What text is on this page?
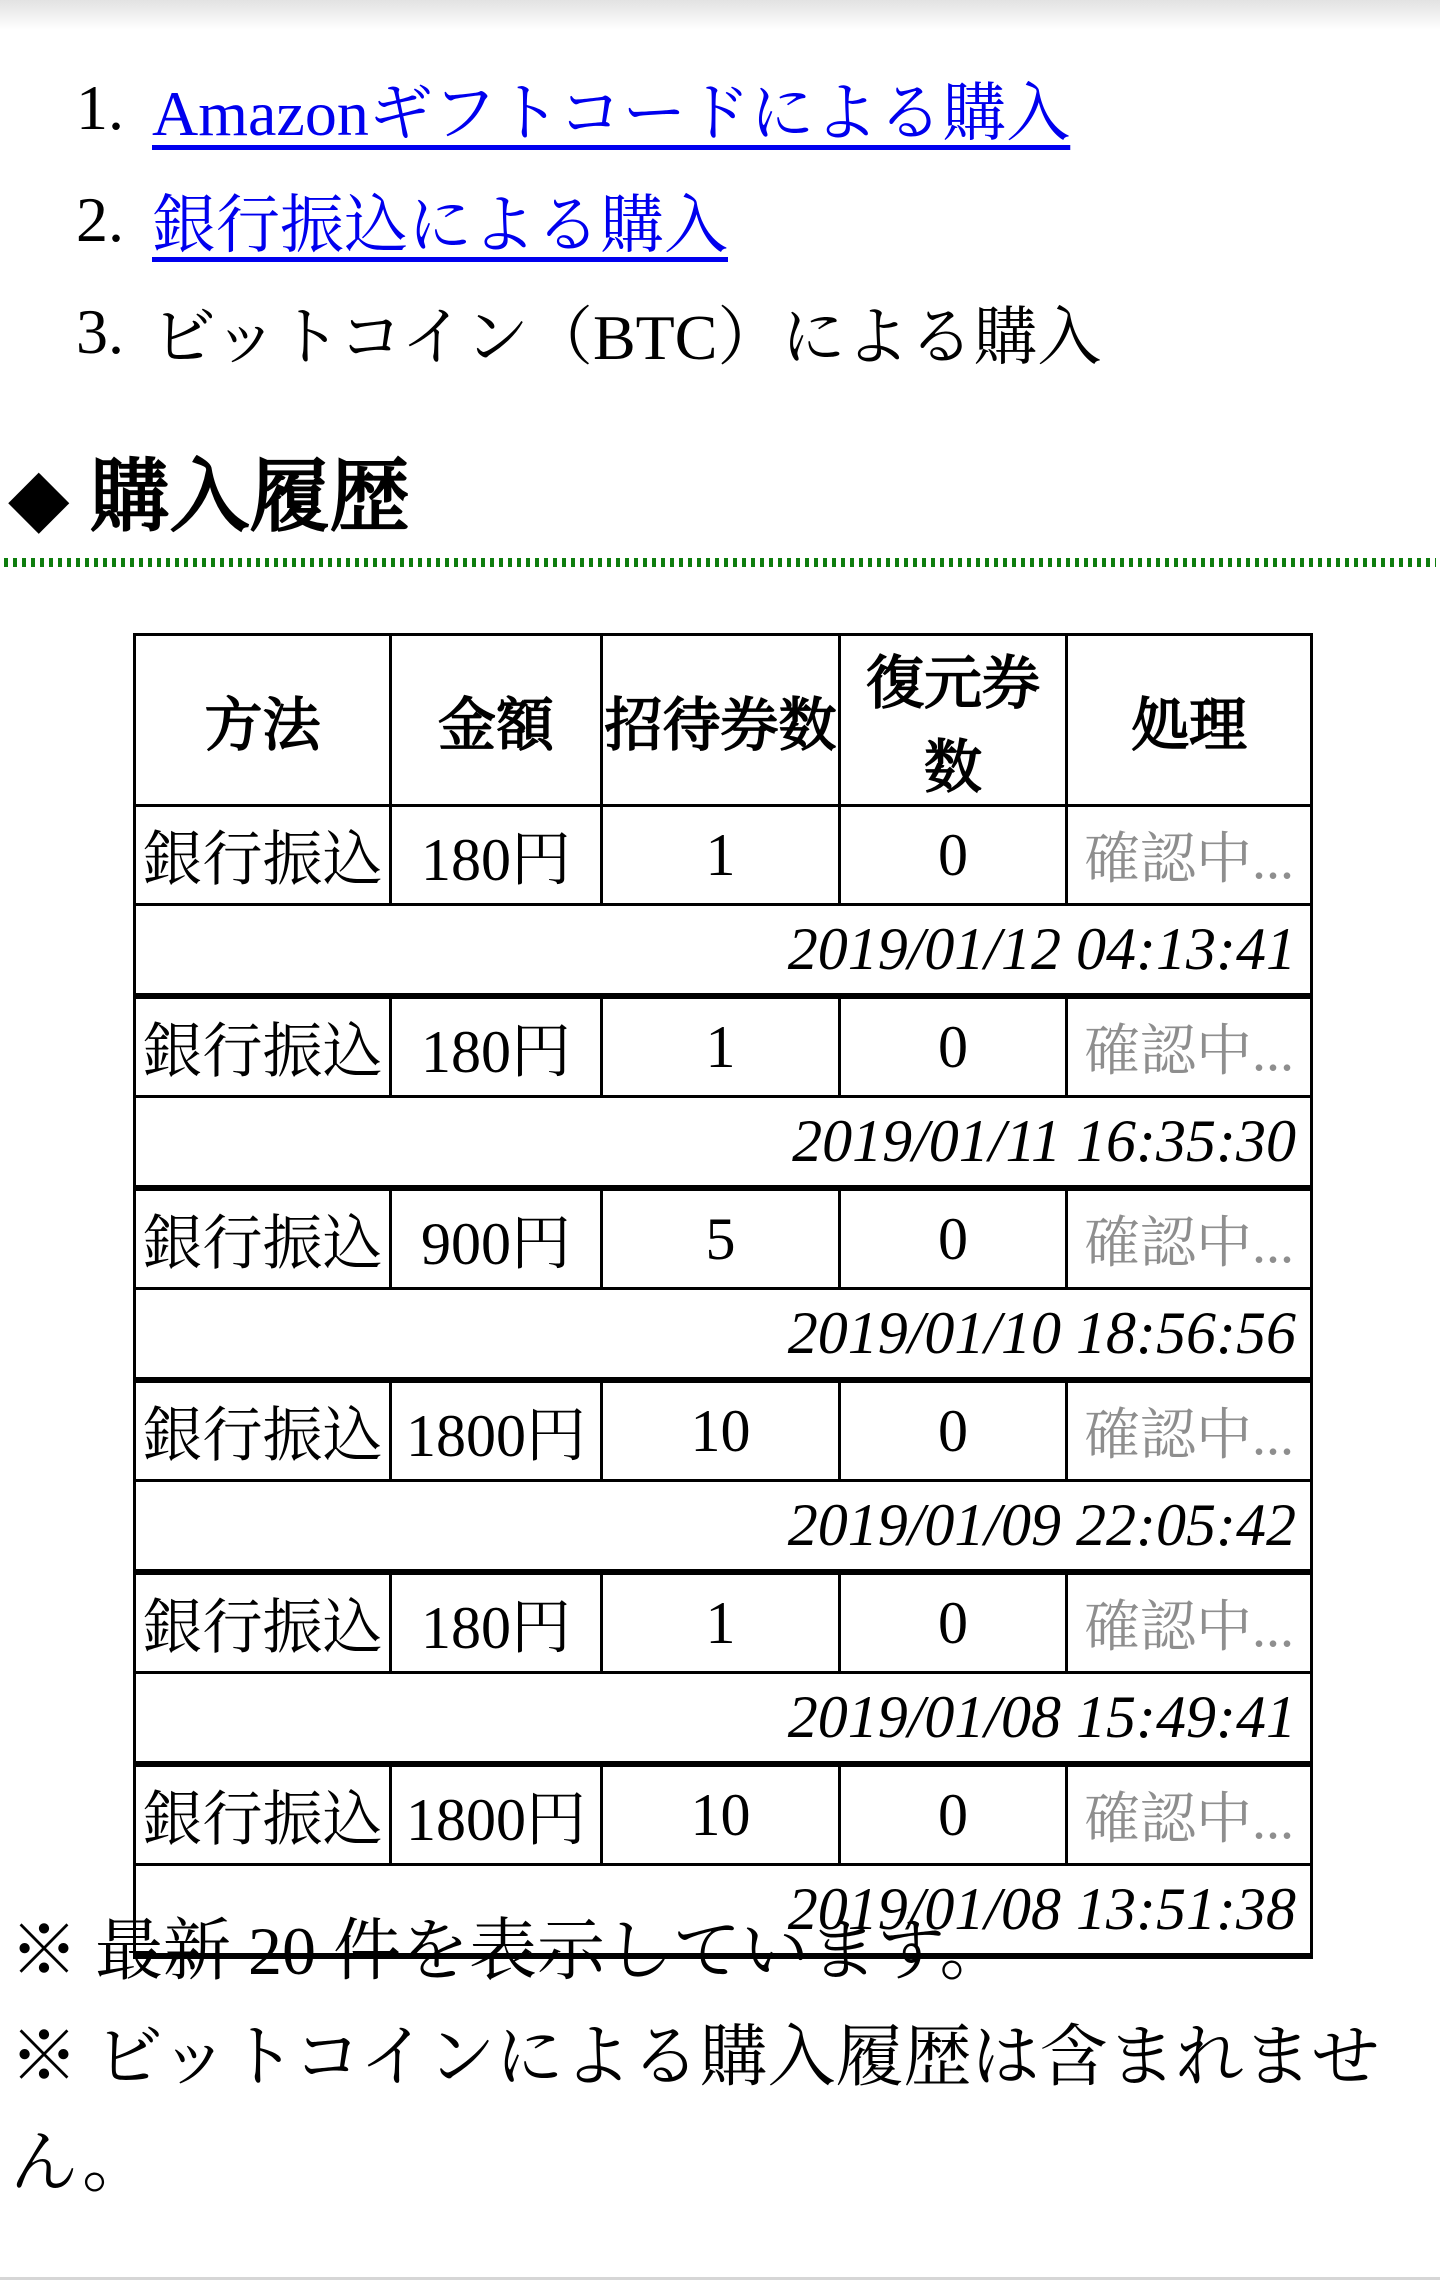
1. Amazonギフトコードによる購入
2. 銀行振込による購入
3. ビットコイン（BTC）による購入
◆ 購入履歴
方法	金額	招待券数	復元券数	処理
銀行振込	180円	1	0	確認中...
2019/01/12 04:13:41				
銀行振込	180円	1	0	確認中...
2019/01/11 16:35:30				
銀行振込	900円	5	0	確認中...
2019/01/10 18:56:56				
銀行振込	1800円	10	0	確認中...
2019/01/09 22:05:42				
銀行振込	180円	1	0	確認中...
2019/01/08 15:49:41				
銀行振込	1800円	10	0	確認中...
2019/01/08 13:51:38				

※ 最新 20 件を表示しています。

※ ビットコインによる購入履歴は含まれません。
